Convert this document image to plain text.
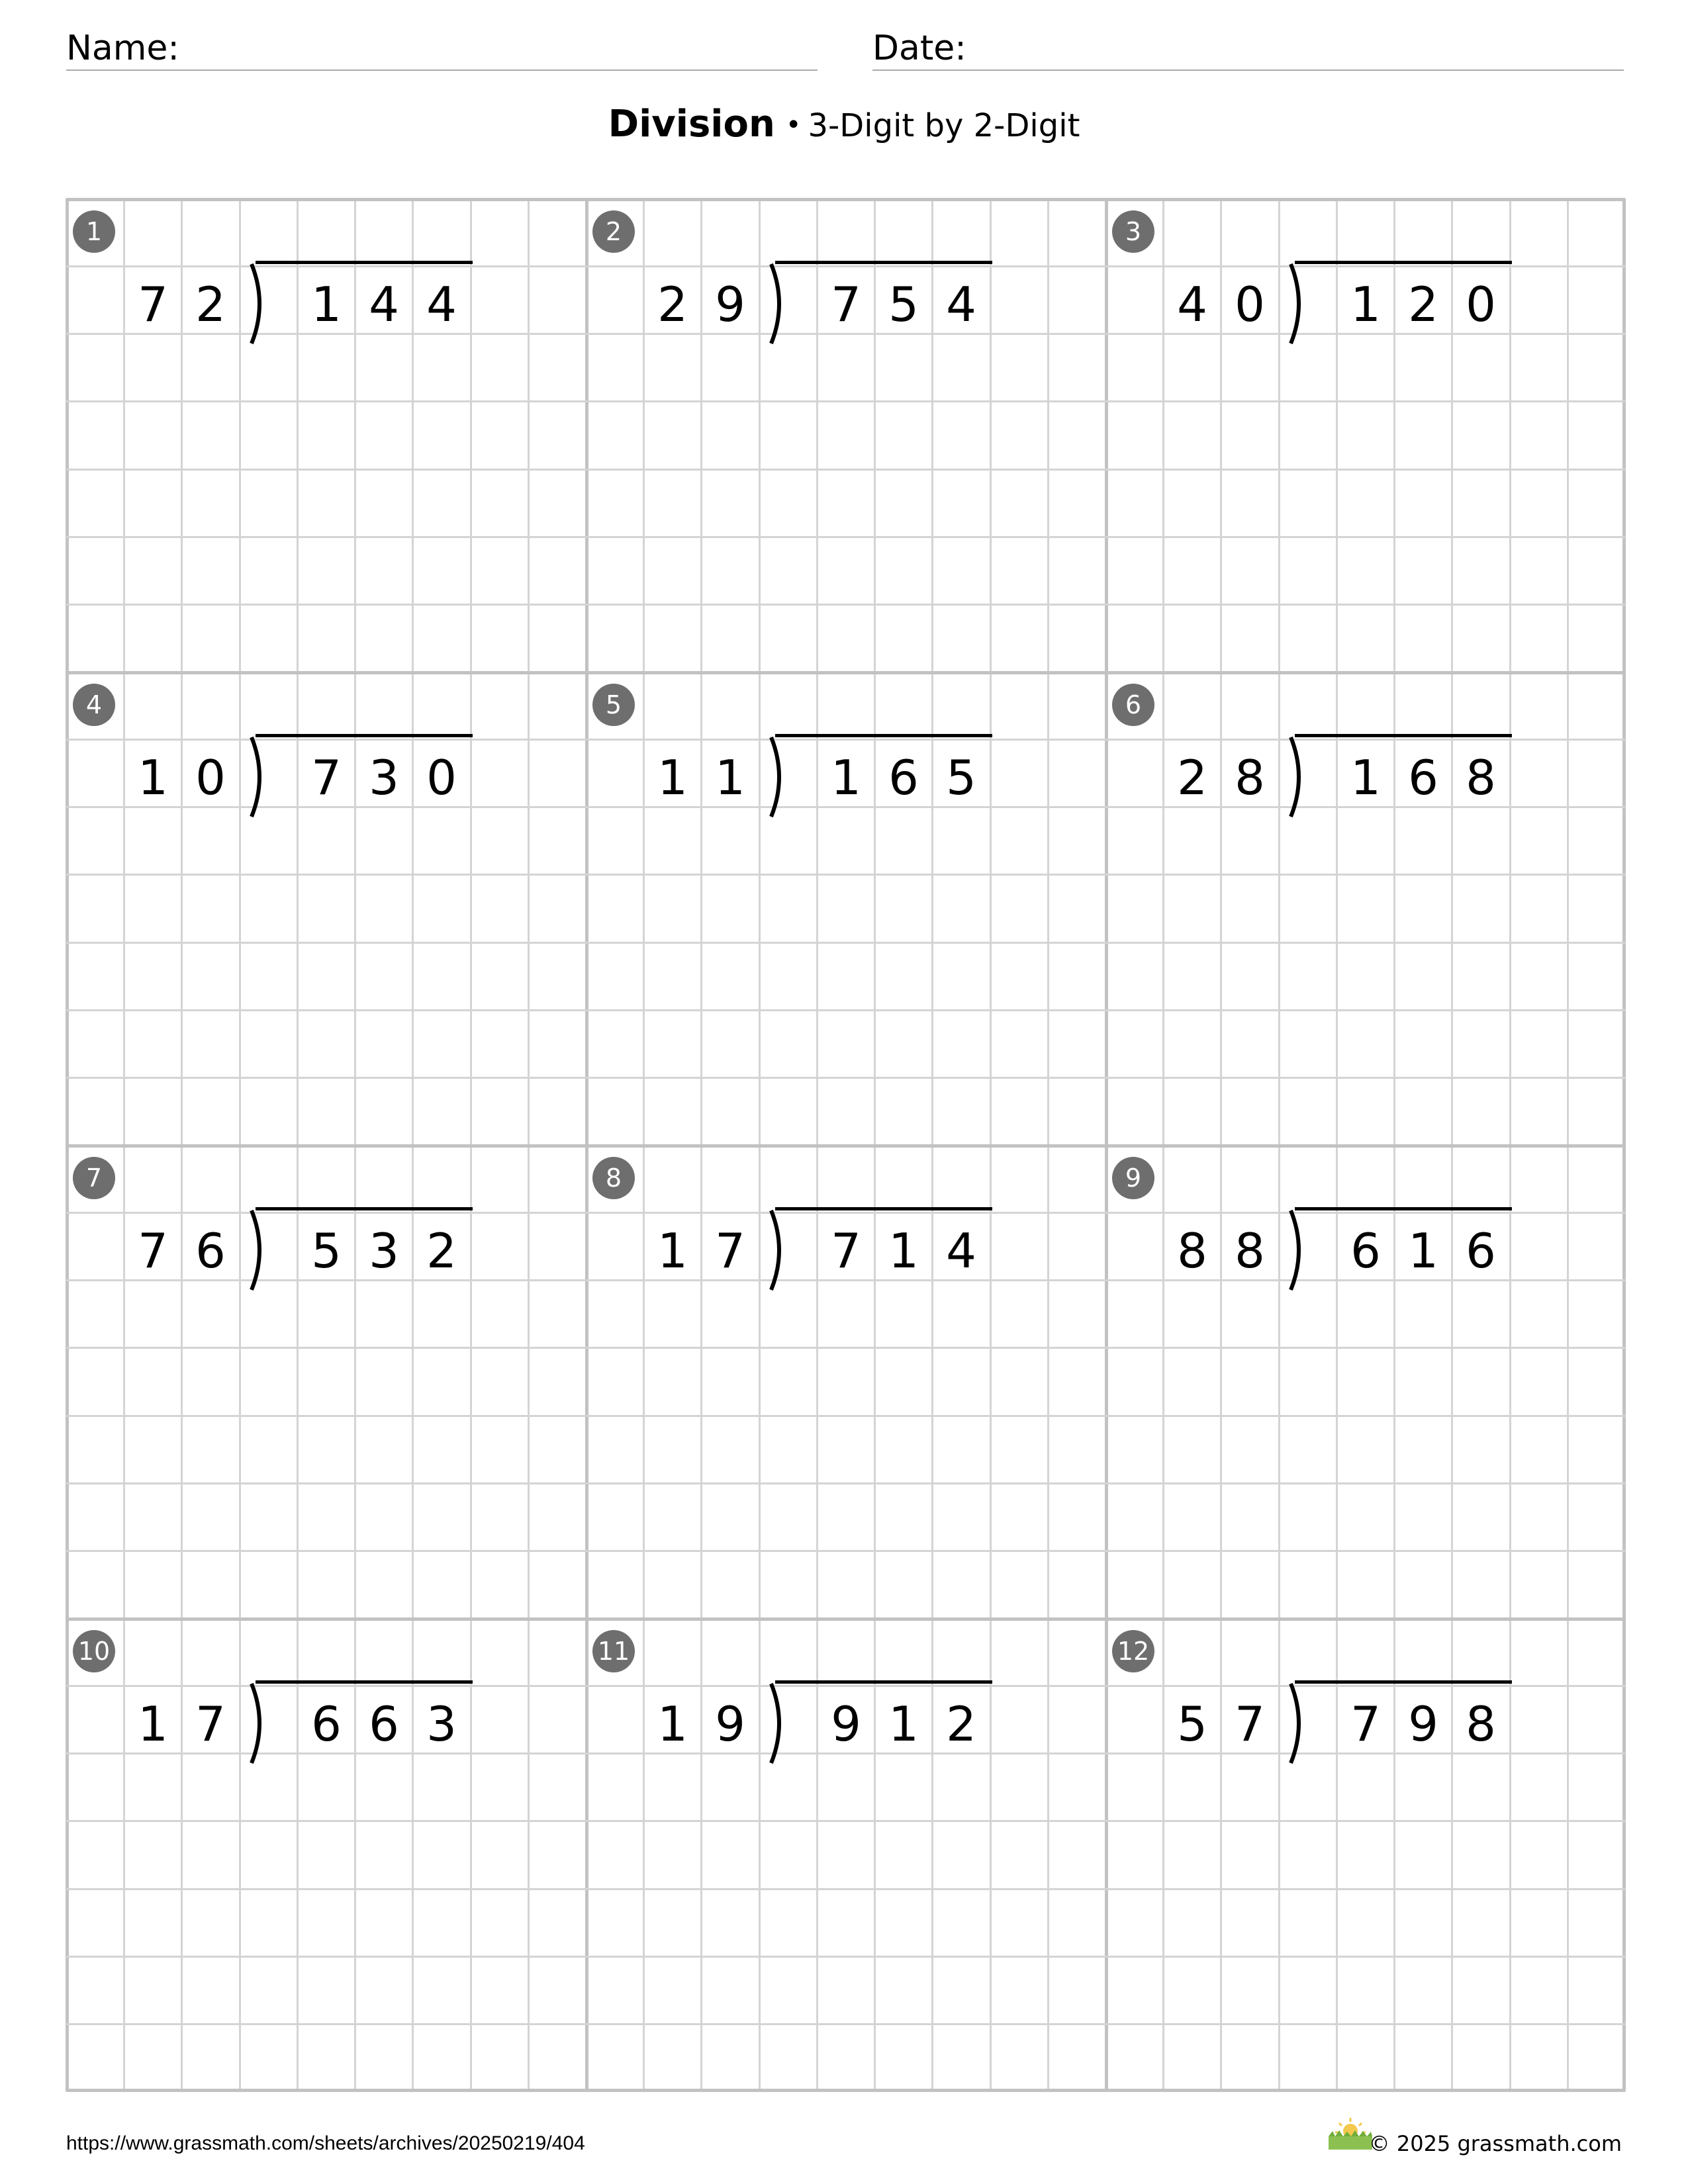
Name:	Date:
Division • 3-Digit by 2-Digit
1
7 2 1 4 4
2
2 9 7 5 4
3
4 0 1 2 0
4
1 0 7 3 0
5
1 1 1 6 5
6
2 8 1 6 8
7
7 6 5 3 2
8
1 7 7 1 4
9
8 8 6 1 6
10
1 7 6 6 3
11
1 9 9 1 2
12
5 7 7 9 8
https://www.grassmath.com/sheets/archives/20250219/404	© 2025 grassmath.com
